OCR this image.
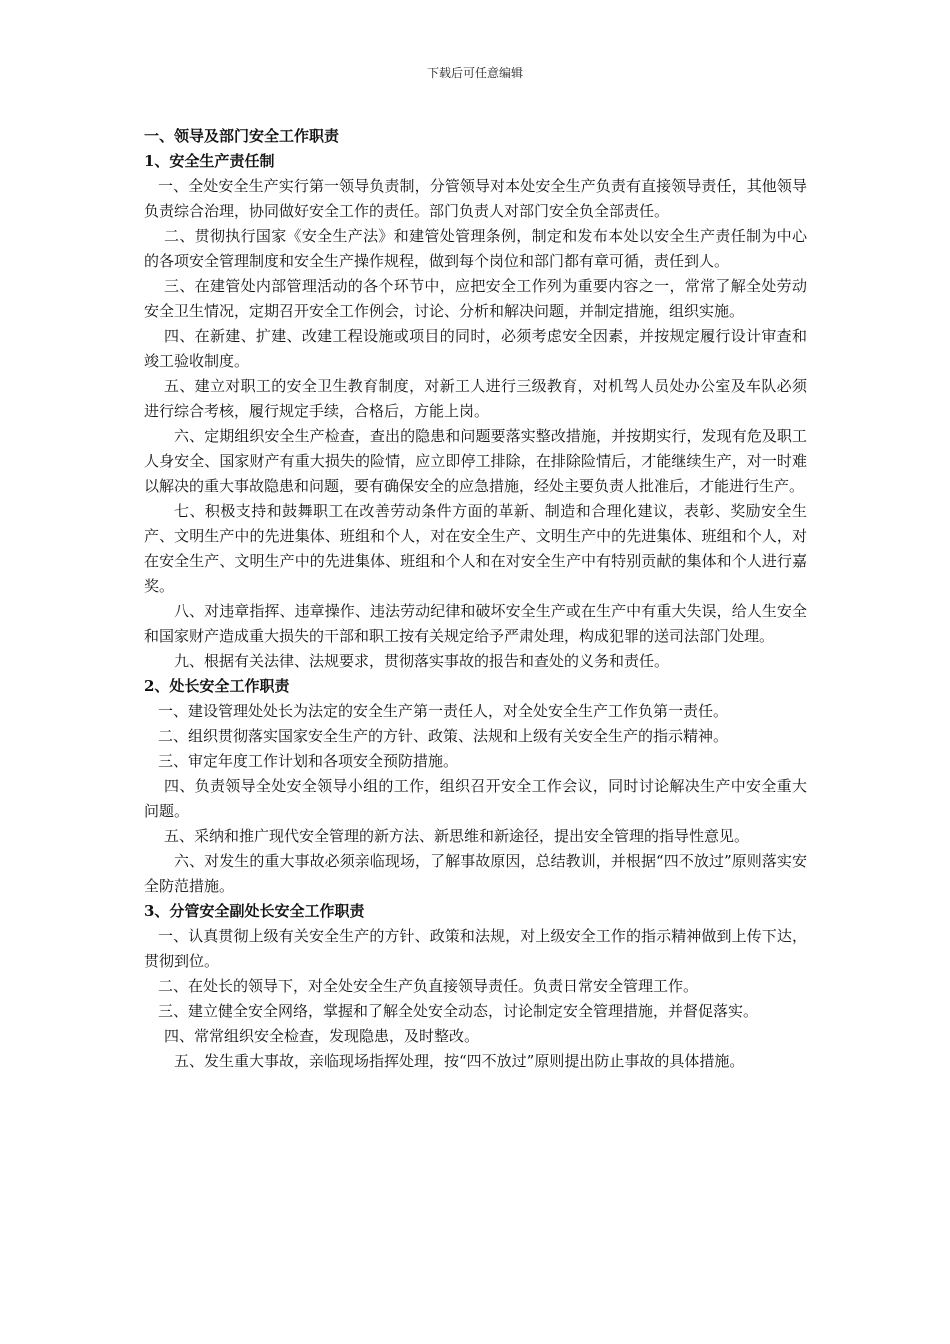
下载后可任意编辑

一、领导及部门安全工作职责

1、安全生产责任制

一、全处安全生产实行第一领导负责制，分管领导对本处安全生产负责有直接领导责任，其他领导负责综合治理，协同做好安全工作的责任。部门负责人对部门安全负全部责任。

二、贯彻执行国家《安全生产法》和建管处管理条例，制定和发布本处以安全生产责任制为中心的各项安全管理制度和安全生产操作规程，做到每个岗位和部门都有章可循，责任到人。

三、在建管处内部管理活动的各个环节中，应把安全工作列为重要内容之一，常常了解全处劳动安全卫生情况，定期召开安全工作例会，讨论、分析和解决问题，并制定措施，组织实施。

四、在新建、扩建、改建工程设施或项目的同时，必须考虑安全因素，并按规定履行设计审查和竣工验收制度。

五、建立对职工的安全卫生教育制度，对新工人进行三级教育，对机驾人员处办公室及车队必须进行综合考核，履行规定手续，合格后，方能上岗。

六、定期组织安全生产检查，查出的隐患和问题要落实整改措施，并按期实行，发现有危及职工人身安全、国家财产有重大损失的险情，应立即停工排除，在排除险情后，才能继续生产，对一时难以解决的重大事故隐患和问题，要有确保安全的应急措施，经处主要负责人批准后，才能进行生产。

七、积极支持和鼓舞职工在改善劳动条件方面的革新、制造和合理化建议，表彰、奖励安全生产、文明生产中的先进集体、班组和个人，对在安全生产、文明生产中的先进集体、班组和个人，对在安全生产、文明生产中的先进集体、班组和个人和在对安全生产中有特别贡献的集体和个人进行嘉奖。

八、对违章指挥、违章操作、违法劳动纪律和破坏安全生产或在生产中有重大失误，给人生安全和国家财产造成重大损失的干部和职工按有关规定给予严肃处理，构成犯罪的送司法部门处理。

九、根据有关法律、法规要求，贯彻落实事故的报告和查处的义务和责任。

2、处长安全工作职责

一、建设管理处处长为法定的安全生产第一责任人，对全处安全生产工作负第一责任。

二、组织贯彻落实国家安全生产的方针、政策、法规和上级有关安全生产的指示精神。

三、审定年度工作计划和各项安全预防措施。

四、负责领导全处安全领导小组的工作，组织召开安全工作会议，同时讨论解决生产中安全重大问题。

五、采纳和推广现代安全管理的新方法、新思维和新途径，提出安全管理的指导性意见。

六、对发生的重大事故必须亲临现场，了解事故原因，总结教训，并根据“四不放过”原则落实安全防范措施。

3、分管安全副处长安全工作职责

一、认真贯彻上级有关安全生产的方针、政策和法规，对上级安全工作的指示精神做到上传下达，贯彻到位。

二、在处长的领导下，对全处安全生产负直接领导责任。负责日常安全管理工作。

三、建立健全安全网络，掌握和了解全处安全动态，讨论制定安全管理措施，并督促落实。

四、常常组织安全检查，发现隐患，及时整改。

五、发生重大事故，亲临现场指挥处理，按“四不放过”原则提出防止事故的具体措施。
